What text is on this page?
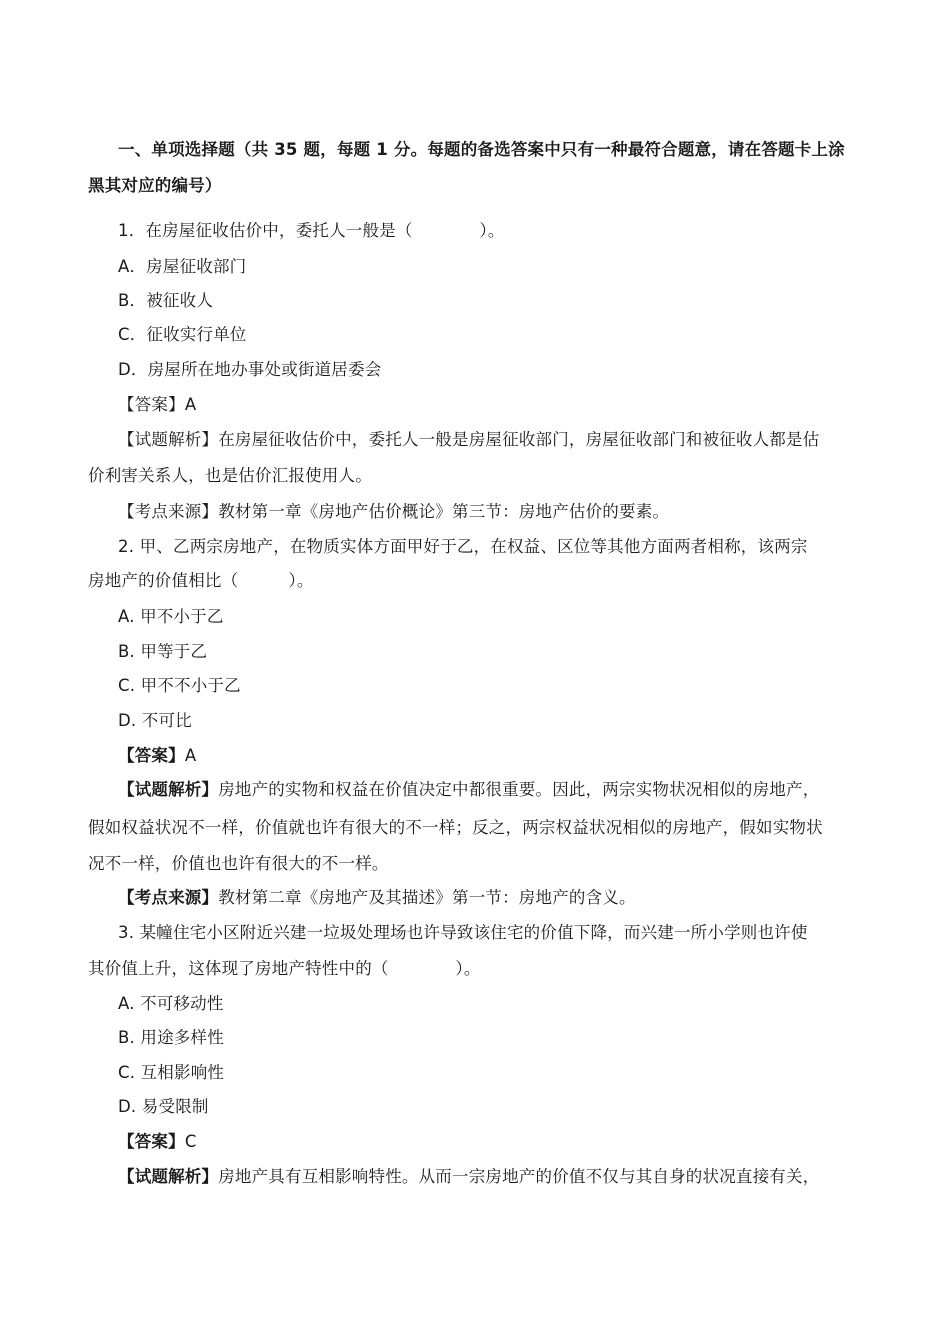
一、单项选择题（共 35 题，每题 1 分。每题的备选答案中只有一种最符合题意，请在答题卡上涂
黑其对应的编号）
1．在房屋征收估价中，委托人一般是（　　　　）。
A．房屋征收部门
B．被征收人
C．征收实行单位
D．房屋所在地办事处或街道居委会
【答案】A
【试题解析】在房屋征收估价中，委托人一般是房屋征收部门，房屋征收部门和被征收人都是估
价利害关系人，也是估价汇报使用人。
【考点来源】教材第一章《房地产估价概论》第三节：房地产估价的要素。
2. 甲、乙两宗房地产，在物质实体方面甲好于乙，在权益、区位等其他方面两者相称，该两宗
房地产的价值相比（　　　）。
A. 甲不小于乙
B. 甲等于乙
C. 甲不不小于乙
D. 不可比
【答案】A
【试题解析】房地产的实物和权益在价值决定中都很重要。因此，两宗实物状况相似的房地产，
假如权益状况不一样，价值就也许有很大的不一样；反之，两宗权益状况相似的房地产，假如实物状
况不一样，价值也也许有很大的不一样。
【考点来源】教材第二章《房地产及其描述》第一节：房地产的含义。
3. 某幢住宅小区附近兴建一垃圾处理场也许导致该住宅的价值下降，而兴建一所小学则也许使
其价值上升，这体现了房地产特性中的（　　　　）。
A. 不可移动性
B. 用途多样性
C. 互相影响性
D. 易受限制
【答案】C
【试题解析】房地产具有互相影响特性。从而一宗房地产的价值不仅与其自身的状况直接有关，
